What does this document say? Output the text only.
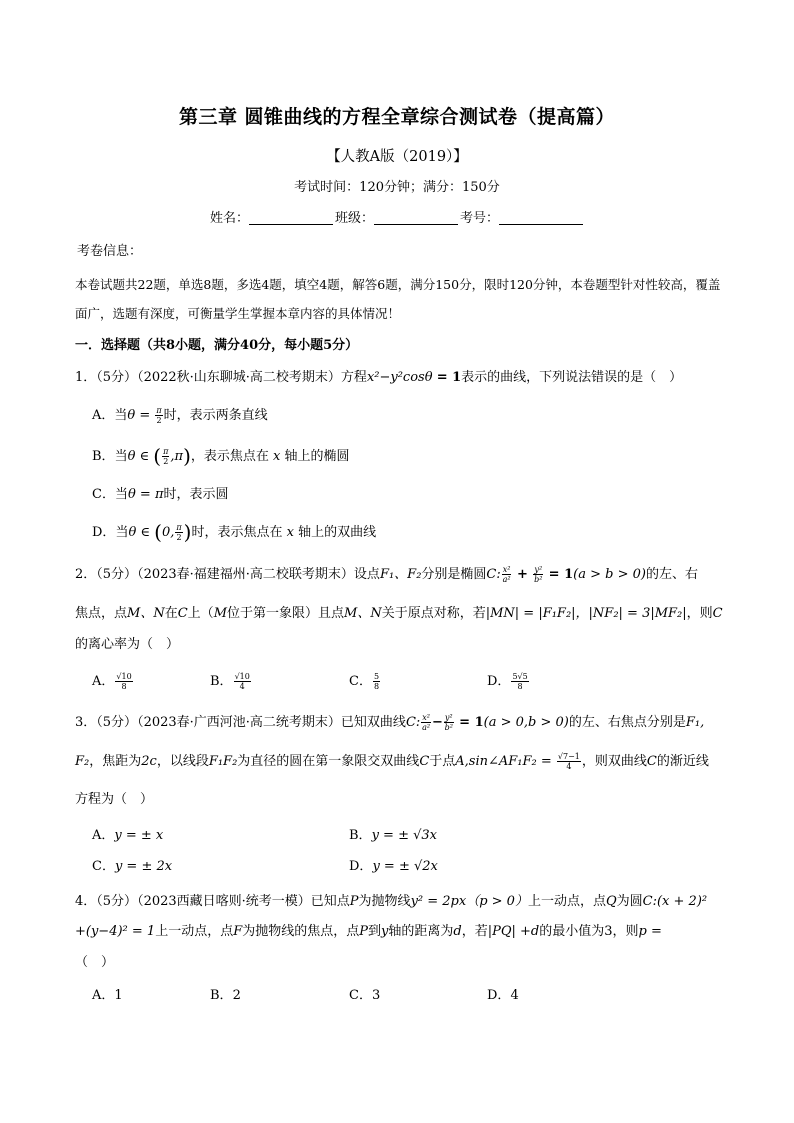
第三章 圆锥曲线的方程全章综合测试卷（提高篇）
【人教A版（2019）】
考试时间：120分钟；满分：150分
姓名：	班级：	考号：
考卷信息：
本卷试题共22题，单选8题，多选4题，填空4题，解答6题，满分150分，限时120分钟，本卷题型针对性较高，覆盖面广，选题有深度，可衡量学生掌握本章内容的具体情况！
一．选择题（共8小题，满分40分，每小题5分）
1．（5分）（2022秋·山东聊城·高二校考期末）方程x²−y²cosθ = 1表示的曲线，下列说法错误的是（　）
A．当$\theta = \frac{\pi}{2}$ 时，表示两条直线
B．当θ ∈ ( $\frac{\pi}{2} ,\pi$)，表示焦点在 x 轴上的椭圆
C．当θ = π时，表示圆
D．当θ ∈ (0, $\frac{\pi}{2}$ )时，表示焦点在 x 轴上的双曲线
2．（5分）（2023春·福建福州·高二校联考期末）设点F₁、F₂分别是椭圆C: $\frac{\text{x²}}{\text{a²}} + \frac{\text{y²}}{\text{b²}} = 1(a > b > 0)$的左、右
焦点，点M、N在C上（M位于第一象限）且点M、N关于原点对称，若|MN| = |F₁F₂|，|NF₂| = 3|MF₂|，则C
的离心率为（　）
A． $\frac{√10}{8}$	B． $\frac{√10}{4}$	C． $\frac{5}{8}$	D． $\frac{5√5}{8}$
3．（5分）（2023春·广西河池·高二统考期末）已知双曲线C: $\frac{\text{x²}}{\text{a²}} - \frac{\text{y²}}{\text{b²}} = 1(a > 0,b > 0)$的左、右焦点分别是F₁,
F₂，焦距为2c，以线段F₁F₂为直径的圆在第一象限交双曲线C于点A,sin∠AF₁F₂ = $\frac{√7-1}{4}$ ，则双曲线C的渐近线
方程为（　）
A．y = ± x	B．y = ± √3x
C．y = ± 2x	D．y = ± √2x
4．（5分）（2023西藏日喀则·统考一模）已知点P为抛物线y² = 2px（p > 0）上一动点，点Q为圆C:(x + 2)²
+(y−4)² = 1上一动点，点F为抛物线的焦点，点P到y轴的距离为d，若|PQ| +d的最小值为3，则p =
（　）
A．1	B．2	C．3	D．4
